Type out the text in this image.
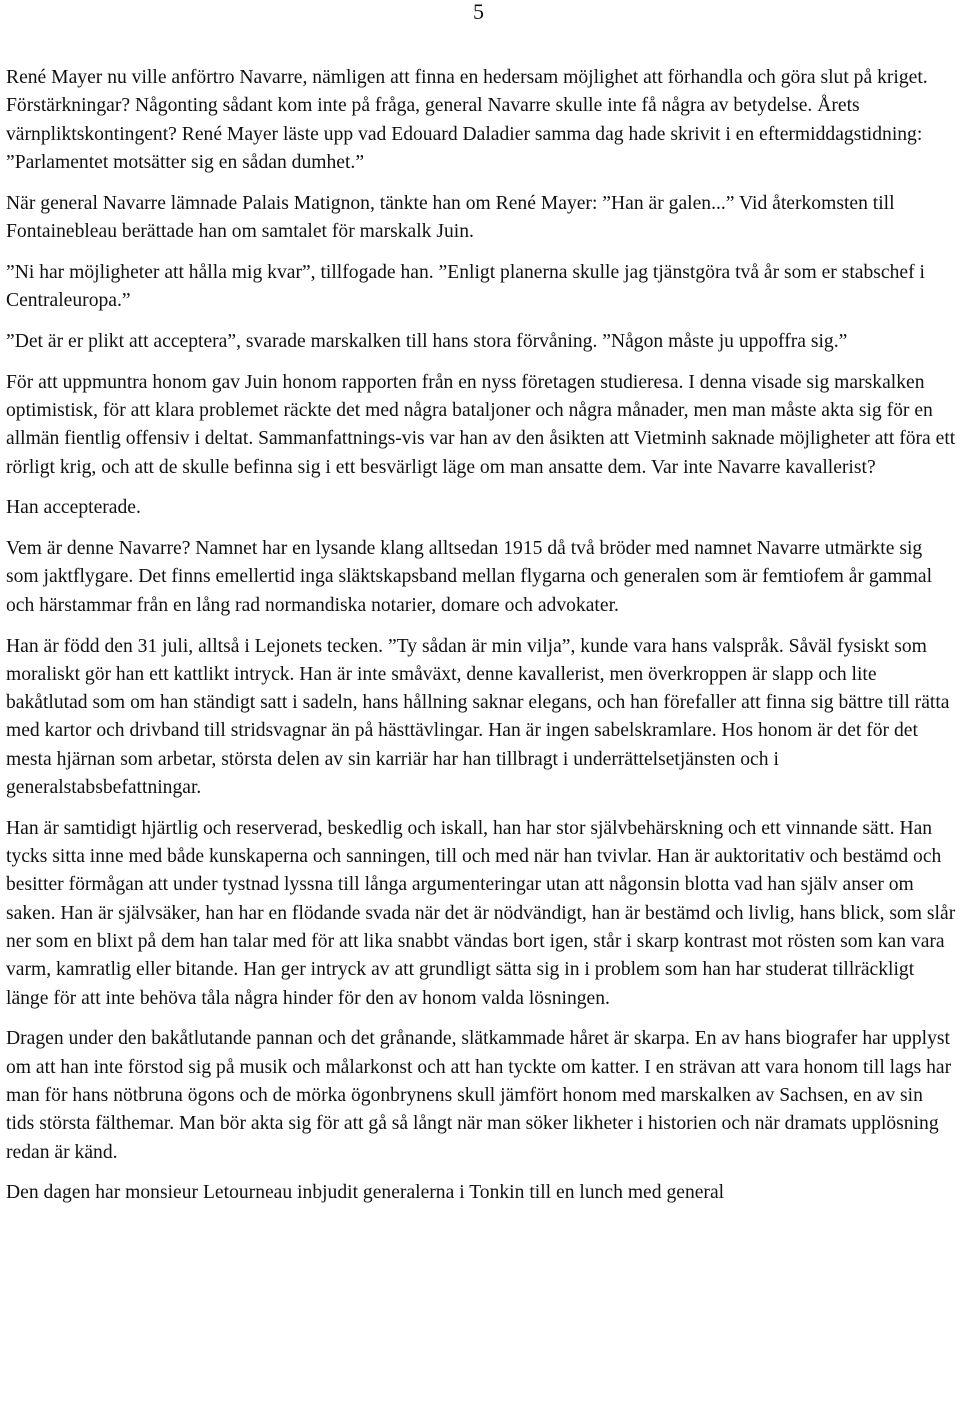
5

René Mayer nu ville anförtro Navarre, nämligen att finna en hedersam möjlighet att förhandla och göra slut på kriget. Förstärkningar? Någonting sådant kom inte på fråga, general Navarre skulle inte få några av betydelse. Årets värnpliktskontingent? René Mayer läste upp vad Edouard Daladier samma dag hade skrivit i en eftermiddagstidning: ”Parlamentet motsätter sig en sådan dumhet.”

När general Navarre lämnade Palais Matignon, tänkte han om René Mayer: ”Han är galen...” Vid återkomsten till Fontainebleau berättade han om samtalet för marskalk Juin.

”Ni har möjligheter att hålla mig kvar”, tillfogade han. ”Enligt planerna skulle jag tjänstgöra två år som er stabschef i Centraleuropa.”

”Det är er plikt att acceptera”, svarade marskalken till hans stora förvåning. ”Någon måste ju uppoffra sig.”

För att uppmuntra honom gav Juin honom rapporten från en nyss företagen studieresa. I denna visade sig marskalken optimistisk, för att klara problemet räckte det med några bataljoner och några månader, men man måste akta sig för en allmän fientlig offensiv i deltat. Sammanfattnings-vis var han av den åsikten att Vietminh saknade möjligheter att föra ett rörligt krig, och att de skulle befinna sig i ett besvärligt läge om man ansatte dem. Var inte Navarre kavallerist?

Han accepterade.

Vem är denne Navarre? Namnet har en lysande klang alltsedan 1915 då två bröder med namnet Navarre utmärkte sig som jaktflygare. Det finns emellertid inga släktskapsband mellan flygarna och generalen som är femtiofem år gammal och härstammar från en lång rad normandiska notarier, domare och advokater.

Han är född den 31 juli, alltså i Lejonets tecken. ”Ty sådan är min vilja”, kunde vara hans valspråk. Såväl fysiskt som moraliskt gör han ett kattlikt intryck. Han är inte småväxt, denne kavallerist, men överkroppen är slapp och lite bakåtlutad som om han ständigt satt i sadeln, hans hållning saknar elegans, och han förefaller att finna sig bättre till rätta med kartor och drivband till stridsvagnar än på hästtävlingar. Han är ingen sabelskramlare. Hos honom är det för det mesta hjärnan som arbetar, största delen av sin karriär har han tillbragt i underrättelsetjänsten och i generalstabsbefattningar.

Han är samtidigt hjärtlig och reserverad, beskedlig och iskall, han har stor självbehärskning och ett vinnande sätt. Han tycks sitta inne med både kunskaperna och sanningen, till och med när han tvivlar. Han är auktoritativ och bestämd och besitter förmågan att under tystnad lyssna till långa argumenteringar utan att någonsin blotta vad han själv anser om saken. Han är självsäker, han har en flödande svada när det är nödvändigt, han är bestämd och livlig, hans blick, som slår ner som en blixt på dem han talar med för att lika snabbt vändas bort igen, står i skarp kontrast mot rösten som kan vara varm, kamratlig eller bitande. Han ger intryck av att grundligt sätta sig in i problem som han har studerat tillräckligt länge för att inte behöva tåla några hinder för den av honom valda lösningen.

Dragen under den bakåtlutande pannan och det grånande, slätkammade håret är skarpa. En av hans biografer har upplyst om att han inte förstod sig på musik och målarkonst och att han tyckte om katter. I en strävan att vara honom till lags har man för hans nötbruna ögons och de mörka ögonbrynens skull jämfört honom med marskalken av Sachsen, en av sin tids största fälthemar. Man bör akta sig för att gå så långt när man söker likheter i historien och när dramats upplösning redan är känd.

Den dagen har monsieur Letourneau inbjudit generalerna i Tonkin till en lunch med general
